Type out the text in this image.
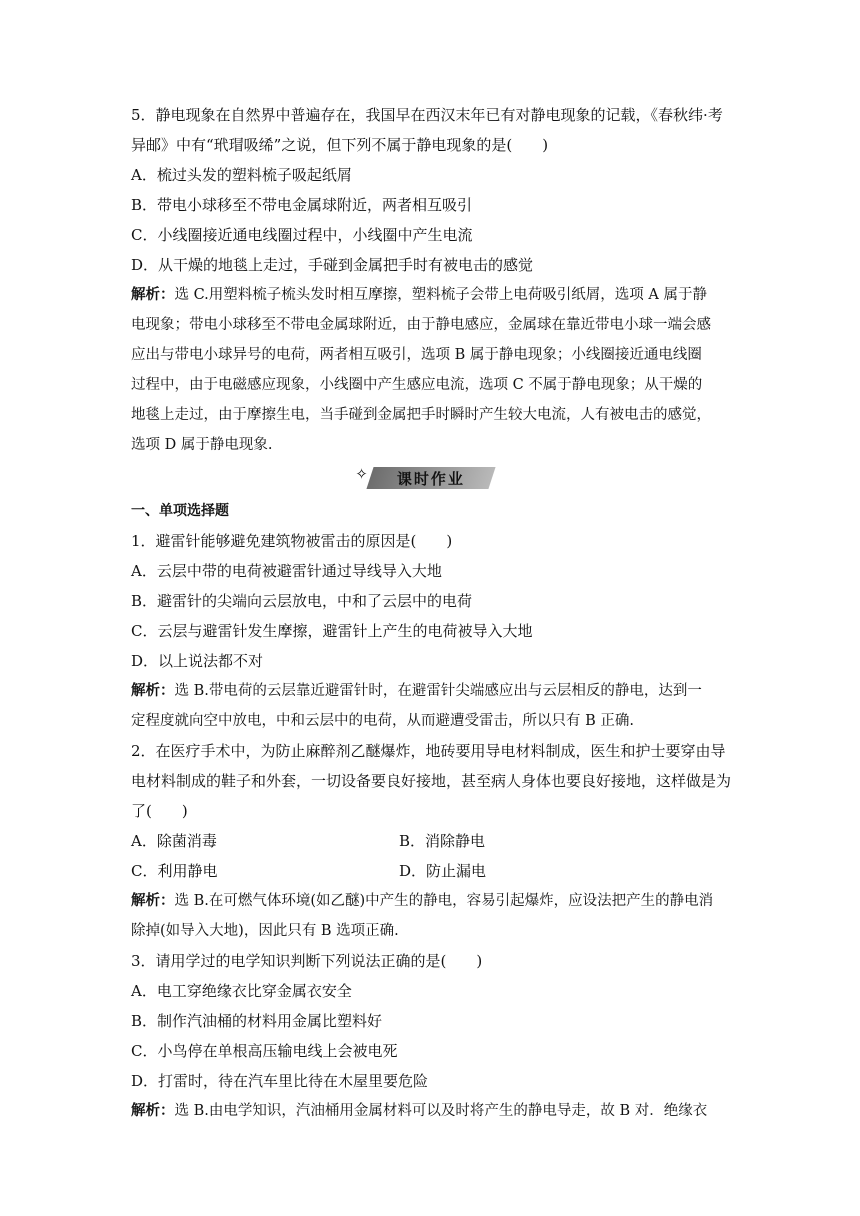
5．静电现象在自然界中普遍存在，我国早在西汉末年已有对静电现象的记载，《春秋纬·考
异邮》中有“玳瑁吸𫄨”之说，但下列不属于静电现象的是(　　)
A．梳过头发的塑料梳子吸起纸屑
B．带电小球移至不带电金属球附近，两者相互吸引
C．小线圈接近通电线圈过程中，小线圈中产生电流
D．从干燥的地毯上走过，手碰到金属把手时有被电击的感觉
解析：选 C.用塑料梳子梳头发时相互摩擦，塑料梳子会带上电荷吸引纸屑，选项 A 属于静
电现象；带电小球移至不带电金属球附近，由于静电感应，金属球在靠近带电小球一端会感
应出与带电小球异号的电荷，两者相互吸引，选项 B 属于静电现象；小线圈接近通电线圈
过程中，由于电磁感应现象，小线圈中产生感应电流，选项 C 不属于静电现象；从干燥的
地毯上走过，由于摩擦生电，当手碰到金属把手时瞬时产生较大电流，人有被电击的感觉，
选项 D 属于静电现象.
✧ 课时作业
一、单项选择题
1．避雷针能够避免建筑物被雷击的原因是(　　)
A．云层中带的电荷被避雷针通过导线导入大地
B．避雷针的尖端向云层放电，中和了云层中的电荷
C．云层与避雷针发生摩擦，避雷针上产生的电荷被导入大地
D．以上说法都不对
解析：选 B.带电荷的云层靠近避雷针时，在避雷针尖端感应出与云层相反的静电，达到一
定程度就向空中放电，中和云层中的电荷，从而避遭受雷击，所以只有 B 正确.
2．在医疗手术中，为防止麻醉剂乙醚爆炸，地砖要用导电材料制成，医生和护士要穿由导
电材料制成的鞋子和外套，一切设备要良好接地，甚至病人身体也要良好接地，这样做是为
了(　　)
A．除菌消毒	B．消除静电
C．利用静电	D．防止漏电
解析：选 B.在可燃气体环境(如乙醚)中产生的静电，容易引起爆炸，应设法把产生的静电消
除掉(如导入大地)，因此只有 B 选项正确.
3．请用学过的电学知识判断下列说法正确的是(　　)
A．电工穿绝缘衣比穿金属衣安全
B．制作汽油桶的材料用金属比塑料好
C．小鸟停在单根高压输电线上会被电死
D．打雷时，待在汽车里比待在木屋里要危险
解析：选 B.由电学知识，汽油桶用金属材料可以及时将产生的静电导走，故 B 对．绝缘衣
